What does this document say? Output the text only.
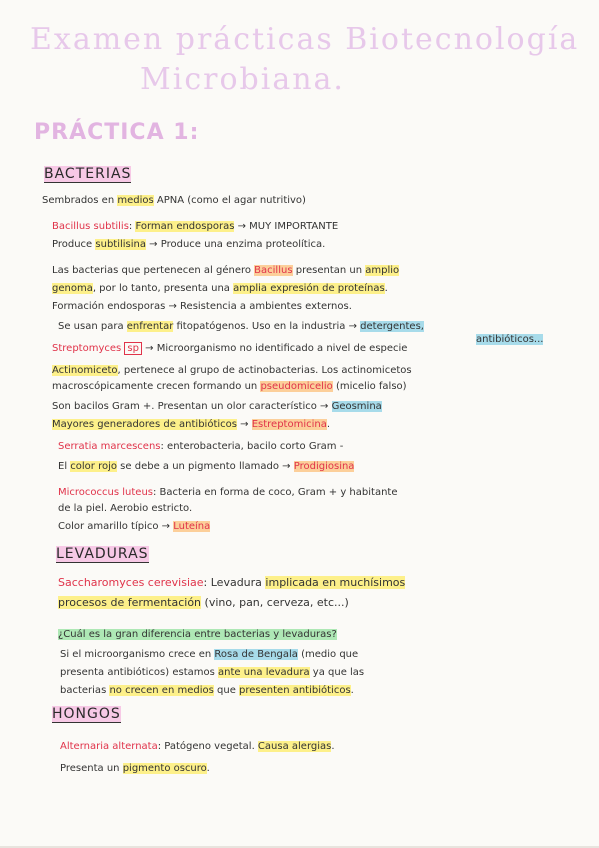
Examen prácticas Biotecnología
Microbiana.
PRÁCTICA 1:
BACTERIAS
Sembrados en medios APNA (como el agar nutritivo)
Bacillus subtilis: Forman endosporas → MUY IMPORTANTE
Produce subtilisina → Produce una enzima proteolítica.
Las bacterias que pertenecen al género Bacillus presentan un amplio
genoma, por lo tanto, presenta una amplia expresión de proteínas.
Formación endosporas → Resistencia a ambientes externos.
Se usan para enfrentar fitopatógenos. Uso en la industria → detergentes,
antibióticos...
Streptomyces sp → Microorganismo no identificado a nivel de especie
Actinomiceto, pertenece al grupo de actinobacterias. Los actinomicetos
macroscópicamente crecen formando un pseudomicelio (micelio falso)
Son bacilos Gram +. Presentan un olor característico → Geosmina
Mayores generadores de antibióticos → Estreptomicina.
Serratia marcescens: enterobacteria, bacilo corto Gram -
El color rojo se debe a un pigmento llamado → Prodigiosina
Micrococcus luteus: Bacteria en forma de coco, Gram + y habitante
de la piel. Aerobio estricto.
Color amarillo típico → Luteína
LEVADURAS
Saccharomyces cerevisiae: Levadura implicada en muchísimos
procesos de fermentación (vino, pan, cerveza, etc...)
¿Cuál es la gran diferencia entre bacterias y levaduras?
Si el microorganismo crece en Rosa de Bengala (medio que
presenta antibióticos) estamos ante una levadura ya que las
bacterias no crecen en medios que presenten antibióticos.
HONGOS
Alternaria alternata: Patógeno vegetal. Causa alergias.
Presenta un pigmento oscuro.
